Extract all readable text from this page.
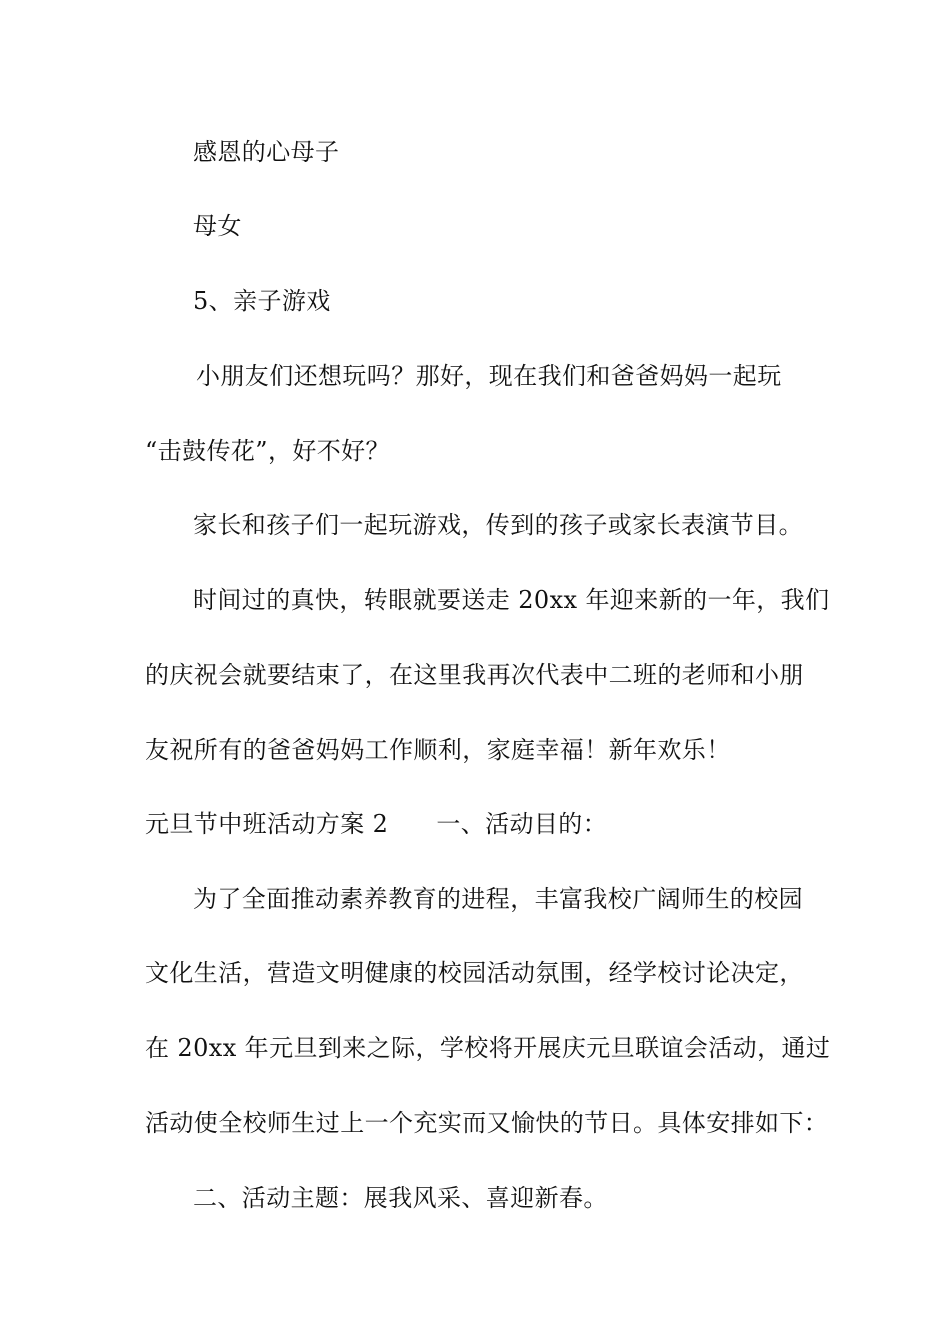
感恩的心母子
母女
5、亲子游戏
小朋友们还想玩吗？那好，现在我们和爸爸妈妈一起玩
“击鼓传花”，好不好？
家长和孩子们一起玩游戏，传到的孩子或家长表演节目。
时间过的真快，转眼就要送走 20xx 年迎来新的一年，我们
的庆祝会就要结束了，在这里我再次代表中二班的老师和小朋
友祝所有的爸爸妈妈工作顺利，家庭幸福！新年欢乐！
元旦节中班活动方案 2 一、活动目的：
为了全面推动素养教育的进程，丰富我校广阔师生的校园
文化生活，营造文明健康的校园活动氛围，经学校讨论决定，
在 20xx 年元旦到来之际，学校将开展庆元旦联谊会活动，通过
活动使全校师生过上一个充实而又愉快的节日。具体安排如下：
二、活动主题：展我风采、喜迎新春。
